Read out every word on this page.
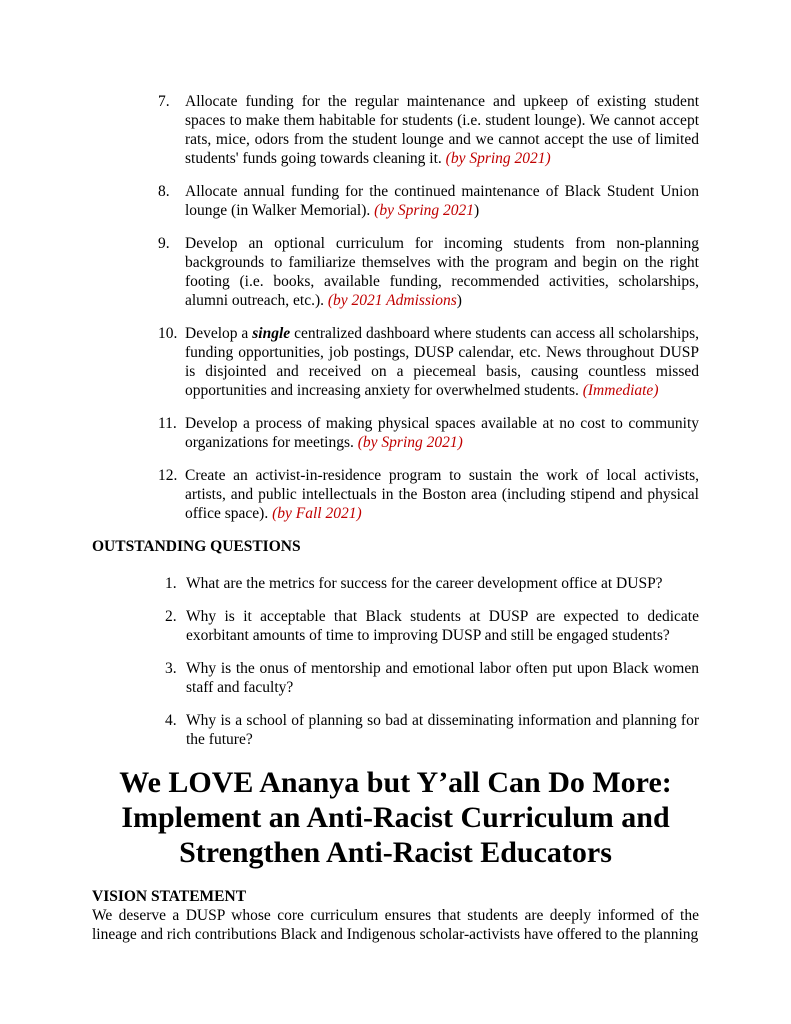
7. Allocate funding for the regular maintenance and upkeep of existing student spaces to make them habitable for students (i.e. student lounge). We cannot accept rats, mice, odors from the student lounge and we cannot accept the use of limited students' funds going towards cleaning it. (by Spring 2021)
8. Allocate annual funding for the continued maintenance of Black Student Union lounge (in Walker Memorial). (by Spring 2021)
9. Develop an optional curriculum for incoming students from non-planning backgrounds to familiarize themselves with the program and begin on the right footing (i.e. books, available funding, recommended activities, scholarships, alumni outreach, etc.). (by 2021 Admissions)
10. Develop a single centralized dashboard where students can access all scholarships, funding opportunities, job postings, DUSP calendar, etc. News throughout DUSP is disjointed and received on a piecemeal basis, causing countless missed opportunities and increasing anxiety for overwhelmed students. (Immediate)
11. Develop a process of making physical spaces available at no cost to community organizations for meetings. (by Spring 2021)
12. Create an activist-in-residence program to sustain the work of local activists, artists, and public intellectuals in the Boston area (including stipend and physical office space). (by Fall 2021)
OUTSTANDING QUESTIONS
1. What are the metrics for success for the career development office at DUSP?
2. Why is it acceptable that Black students at DUSP are expected to dedicate exorbitant amounts of time to improving DUSP and still be engaged students?
3. Why is the onus of mentorship and emotional labor often put upon Black women staff and faculty?
4. Why is a school of planning so bad at disseminating information and planning for the future?
We LOVE Ananya but Y’all Can Do More:
Implement an Anti-Racist Curriculum and
Strengthen Anti-Racist Educators
VISION STATEMENT

We deserve a DUSP whose core curriculum ensures that students are deeply informed of the lineage and rich contributions Black and Indigenous scholar-activists have offered to the planning
